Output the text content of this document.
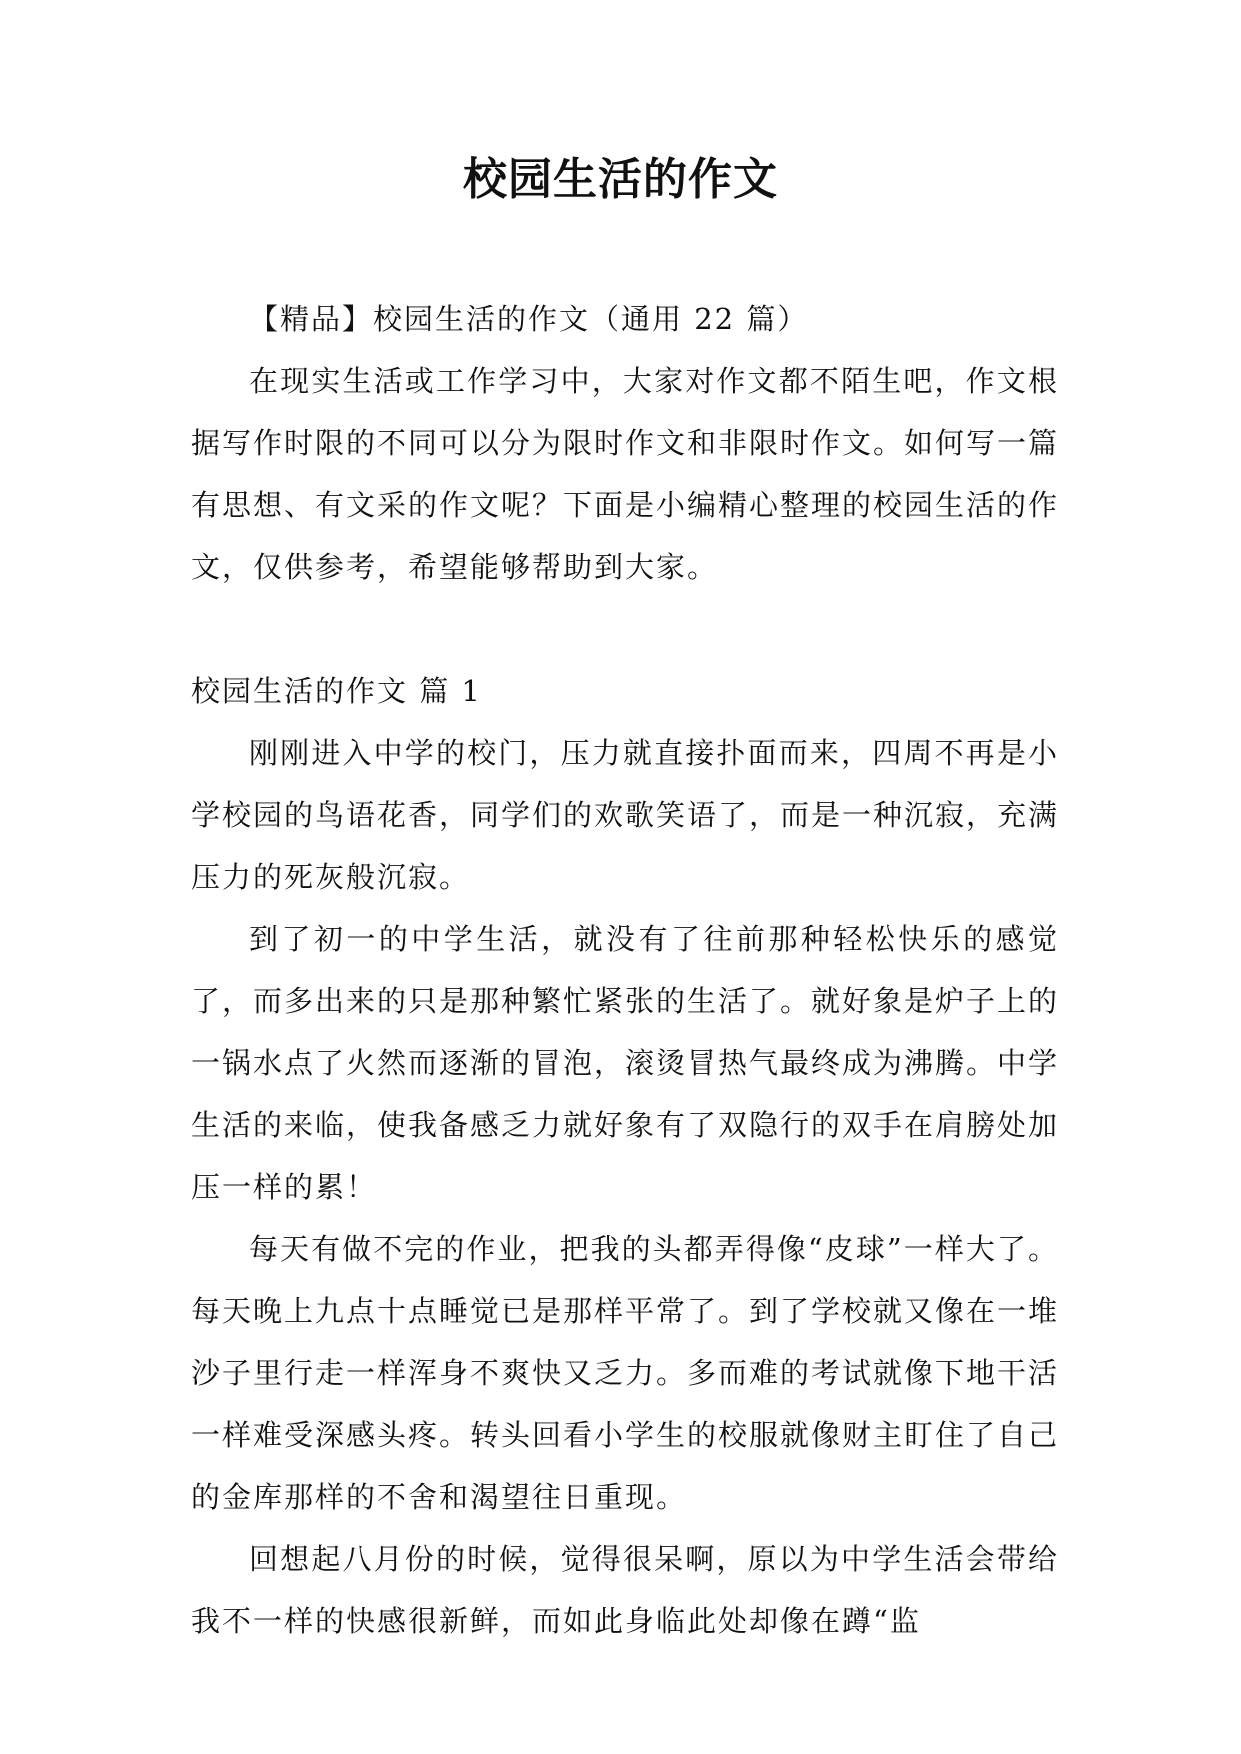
校园生活的作文

【精品】校园生活的作文（通用 22 篇）

在现实生活或工作学习中，大家对作文都不陌生吧，作文根据写作时限的不同可以分为限时作文和非限时作文。如何写一篇有思想、有文采的作文呢？下面是小编精心整理的校园生活的作文，仅供参考，希望能够帮助到大家。

校园生活的作文 篇 1

刚刚进入中学的校门，压力就直接扑面而来，四周不再是小学校园的鸟语花香，同学们的欢歌笑语了，而是一种沉寂，充满压力的死灰般沉寂。

到了初一的中学生活，就没有了往前那种轻松快乐的感觉了，而多出来的只是那种繁忙紧张的生活了。就好象是炉子上的一锅水点了火然而逐渐的冒泡，滚烫冒热气最终成为沸腾。中学生活的来临，使我备感乏力就好象有了双隐行的双手在肩膀处加压一样的累！

每天有做不完的作业，把我的头都弄得像“皮球”一样大了。每天晚上九点十点睡觉已是那样平常了。到了学校就又像在一堆沙子里行走一样浑身不爽快又乏力。多而难的考试就像下地干活一样难受深感头疼。转头回看小学生的校服就像财主盯住了自己的金库那样的不舍和渴望往日重现。

回想起八月份的时候，觉得很呆啊，原以为中学生活会带给我不一样的快感很新鲜，而如此身临此处却像在蹲“监
